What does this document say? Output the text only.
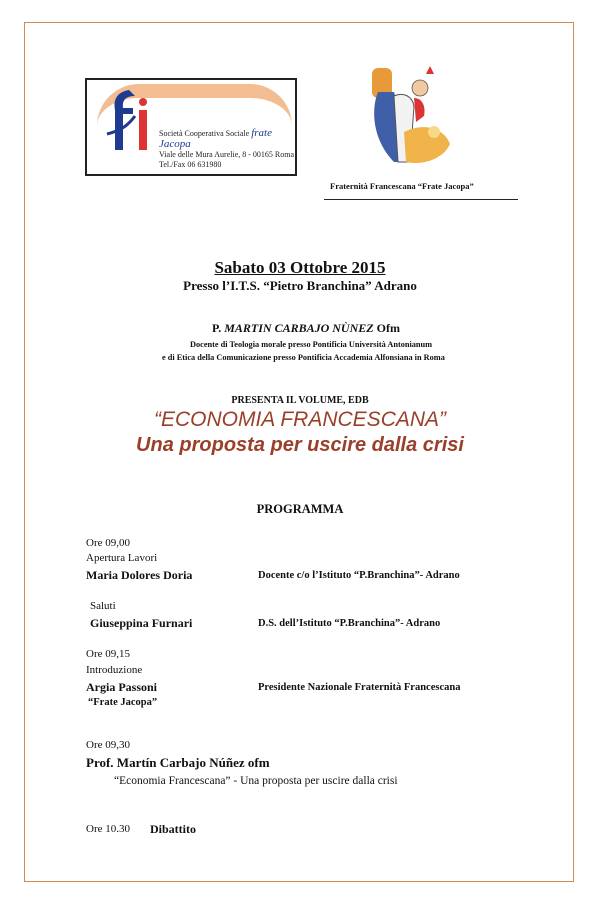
Società Cooperativa Sociale frate Jacopa
Viale delle Mura Aurelie, 8 - 00165 Roma
Tel./Fax 06 631980
Fraternità Francescana “Frate Jacopa”
Sabato 03 Ottobre 2015
Presso l’I.T.S. “Pietro Branchina” Adrano
P. MARTIN CARBAJO NÙNEZ Ofm
Docente di Teologia morale presso Pontificia Università Antonianum
e di Etica della Comunicazione presso Pontificia Accademia Alfonsiana in Roma
PRESENTA IL VOLUME, EDB
“ECONOMIA FRANCESCANA”
Una proposta per uscire dalla crisi
PROGRAMMA
Ore 09,00
Apertura Lavori
Maria Dolores Doria	Docente c/o l’Istituto “P.Branchina”- Adrano
Saluti
Giuseppina Furnari	D.S. dell’Istituto “P.Branchina”- Adrano
Ore 09,15
Introduzione
Argia Passoni	Presidente Nazionale Fraternità Francescana
“Frate Jacopa”
Ore 09,30
Prof. Martín Carbajo Núñez ofm
“Economia Francescana” - Una proposta per uscire dalla crisi
Ore 10.30 Dibattito
